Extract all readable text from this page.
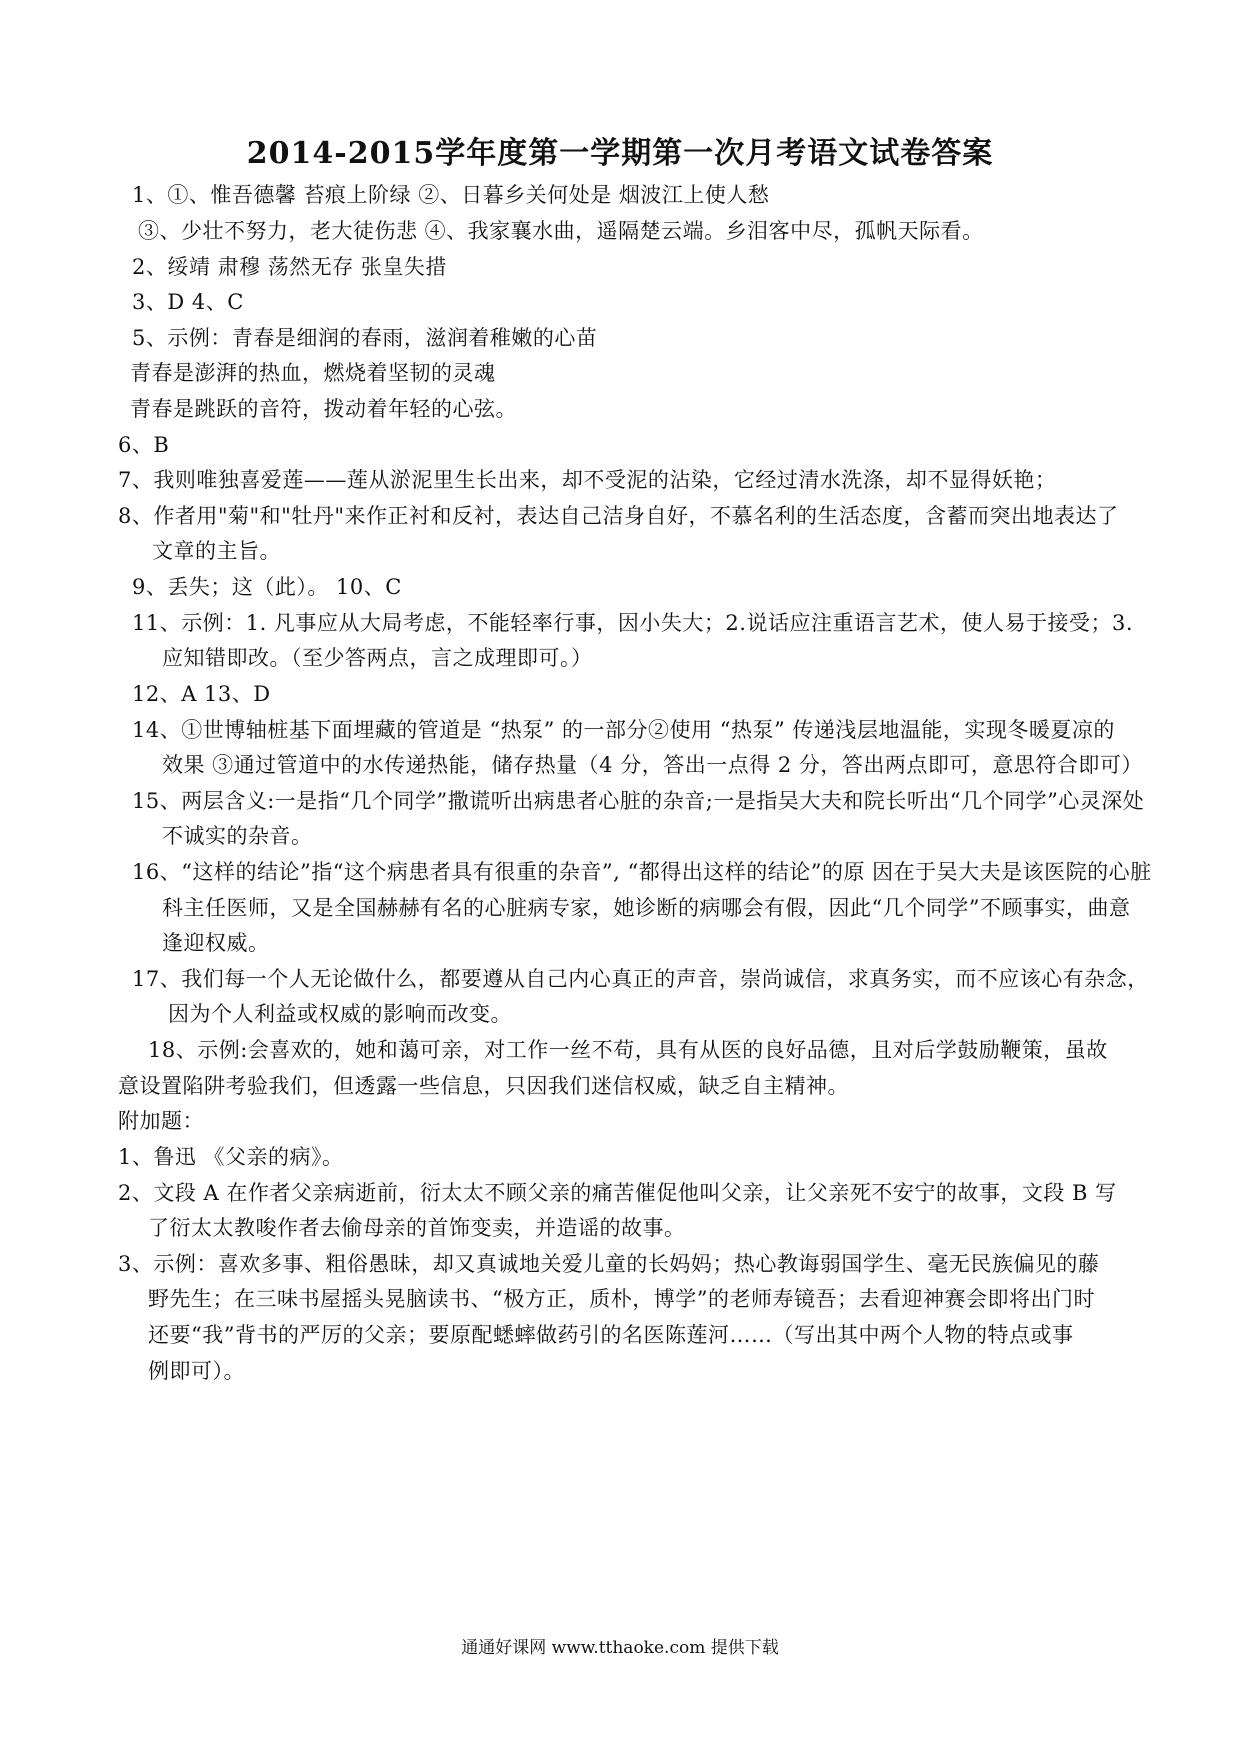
2014-2015学年度第一学期第一次月考语文试卷答案
1、①、惟吾德馨 苔痕上阶绿 ②、日暮乡关何处是 烟波江上使人愁
③、少壮不努力，老大徒伤悲 ④、我家襄水曲，遥隔楚云端。乡泪客中尽，孤帆天际看。
2、绥靖 肃穆 荡然无存 张皇失措
3、D 4、C
5、示例：青春是细润的春雨，滋润着稚嫩的心苗
青春是澎湃的热血，燃烧着坚韧的灵魂
青春是跳跃的音符，拨动着年轻的心弦。
6、B
7、我则唯独喜爱莲——莲从淤泥里生长出来，却不受泥的沾染，它经过清水洗涤，却不显得妖艳；
8、作者用"菊"和"牡丹"来作正衬和反衬，表达自己洁身自好，不慕名利的生活态度，含蓄而突出地表达了
文章的主旨。
9、丢失；这（此）。 10、C
11、示例：1. 凡事应从大局考虑，不能轻率行事，因小失大；2.说话应注重语言艺术，使人易于接受；3.
应知错即改。（至少答两点，言之成理即可。）
12、A 13、D
14、①世博轴桩基下面埋藏的管道是 “热泵” 的一部分②使用 “热泵” 传递浅层地温能，实现冬暖夏凉的
效果 ③通过管道中的水传递热能，储存热量（4 分，答出一点得 2 分，答出两点即可，意思符合即可）
15、两层含义:一是指“几个同学”撒谎听出病患者心脏的杂音;一是指吴大夫和院长听出“几个同学”心灵深处
不诚实的杂音。
16、“这样的结论”指“这个病患者具有很重的杂音”, “都得出这样的结论”的原 因在于吴大夫是该医院的心脏
科主任医师，又是全国赫赫有名的心脏病专家，她诊断的病哪会有假，因此“几个同学”不顾事实，曲意
逢迎权威。
17、我们每一个人无论做什么，都要遵从自己内心真正的声音，崇尚诚信，求真务实，而不应该心有杂念，
因为个人利益或权威的影响而改变。
18、示例:会喜欢的，她和蔼可亲，对工作一丝不苟，具有从医的良好品德，且对后学鼓励鞭策，虽故
意设置陷阱考验我们，但透露一些信息，只因我们迷信权威，缺乏自主精神。
附加题：
1、鲁迅 《父亲的病》。
2、文段 A 在作者父亲病逝前，衍太太不顾父亲的痛苦催促他叫父亲，让父亲死不安宁的故事，文段 B 写
了衍太太教唆作者去偷母亲的首饰变卖，并造谣的故事。
3、示例：喜欢多事、粗俗愚昧，却又真诚地关爱儿童的长妈妈；热心教诲弱国学生、毫无民族偏见的藤
野先生；在三味书屋摇头晃脑读书、“极方正，质朴，博学”的老师寿镜吾；去看迎神赛会即将出门时
还要“我”背书的严厉的父亲；要原配蟋蟀做药引的名医陈莲河……（写出其中两个人物的特点或事
例即可）。
通通好课网 www.tthaoke.com 提供下载
